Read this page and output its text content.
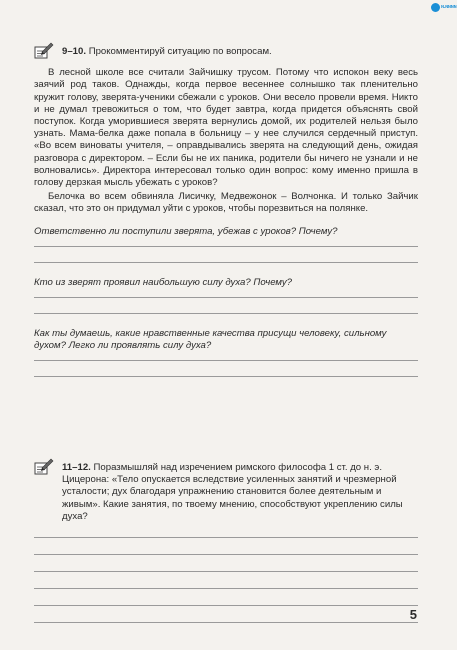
ɴ.ɴɴɴɴ
9–10. Прокомментируй ситуацию по вопросам.

В лесной школе все считали Зайчишку трусом. Потому что испокон веку весь заячий род таков. Однажды, когда первое весеннее солнышко так пленительно кружит голову, зверята-ученики сбежали с уроков. Они весело провели время. Никто и не думал тревожиться о том, что будет завтра, когда придется объяснять свой поступок. Когда уморившиеся зверята вернулись домой, их родителей нельзя было узнать. Мама-белка даже попала в больницу – у нее случился сердечный приступ. «Во всем виноваты учителя, – оправдывались зверята на следующий день, ожидая разговора с директором. – Если бы не их паника, родители бы ничего не узнали и не волновались». Директора интересовал только один вопрос: кому именно пришла в голову дерзкая мысль убежать с уроков?

Белочка во всем обвиняла Лисичку, Медвежонок – Волчонка. И только Зайчик сказал, что это он придумал уйти с уроков, чтобы порезвиться на полянке.

Ответственно ли поступили зверята, убежав с уроков? Почему?

Кто из зверят проявил наибольшую силу духа? Почему?

Как ты думаешь, какие нравственные качества присущи человеку, сильному духом? Легко ли проявлять силу духа?

11–12. Поразмышляй над изречением римского философа 1 ст. до н. э. Цицерона: «Тело опускается вследствие усиленных занятий и чрезмерной усталости; дух благодаря упражнению становится более деятельным и живым». Какие занятия, по твоему мнению, способствуют укреплению силы духа?
5
